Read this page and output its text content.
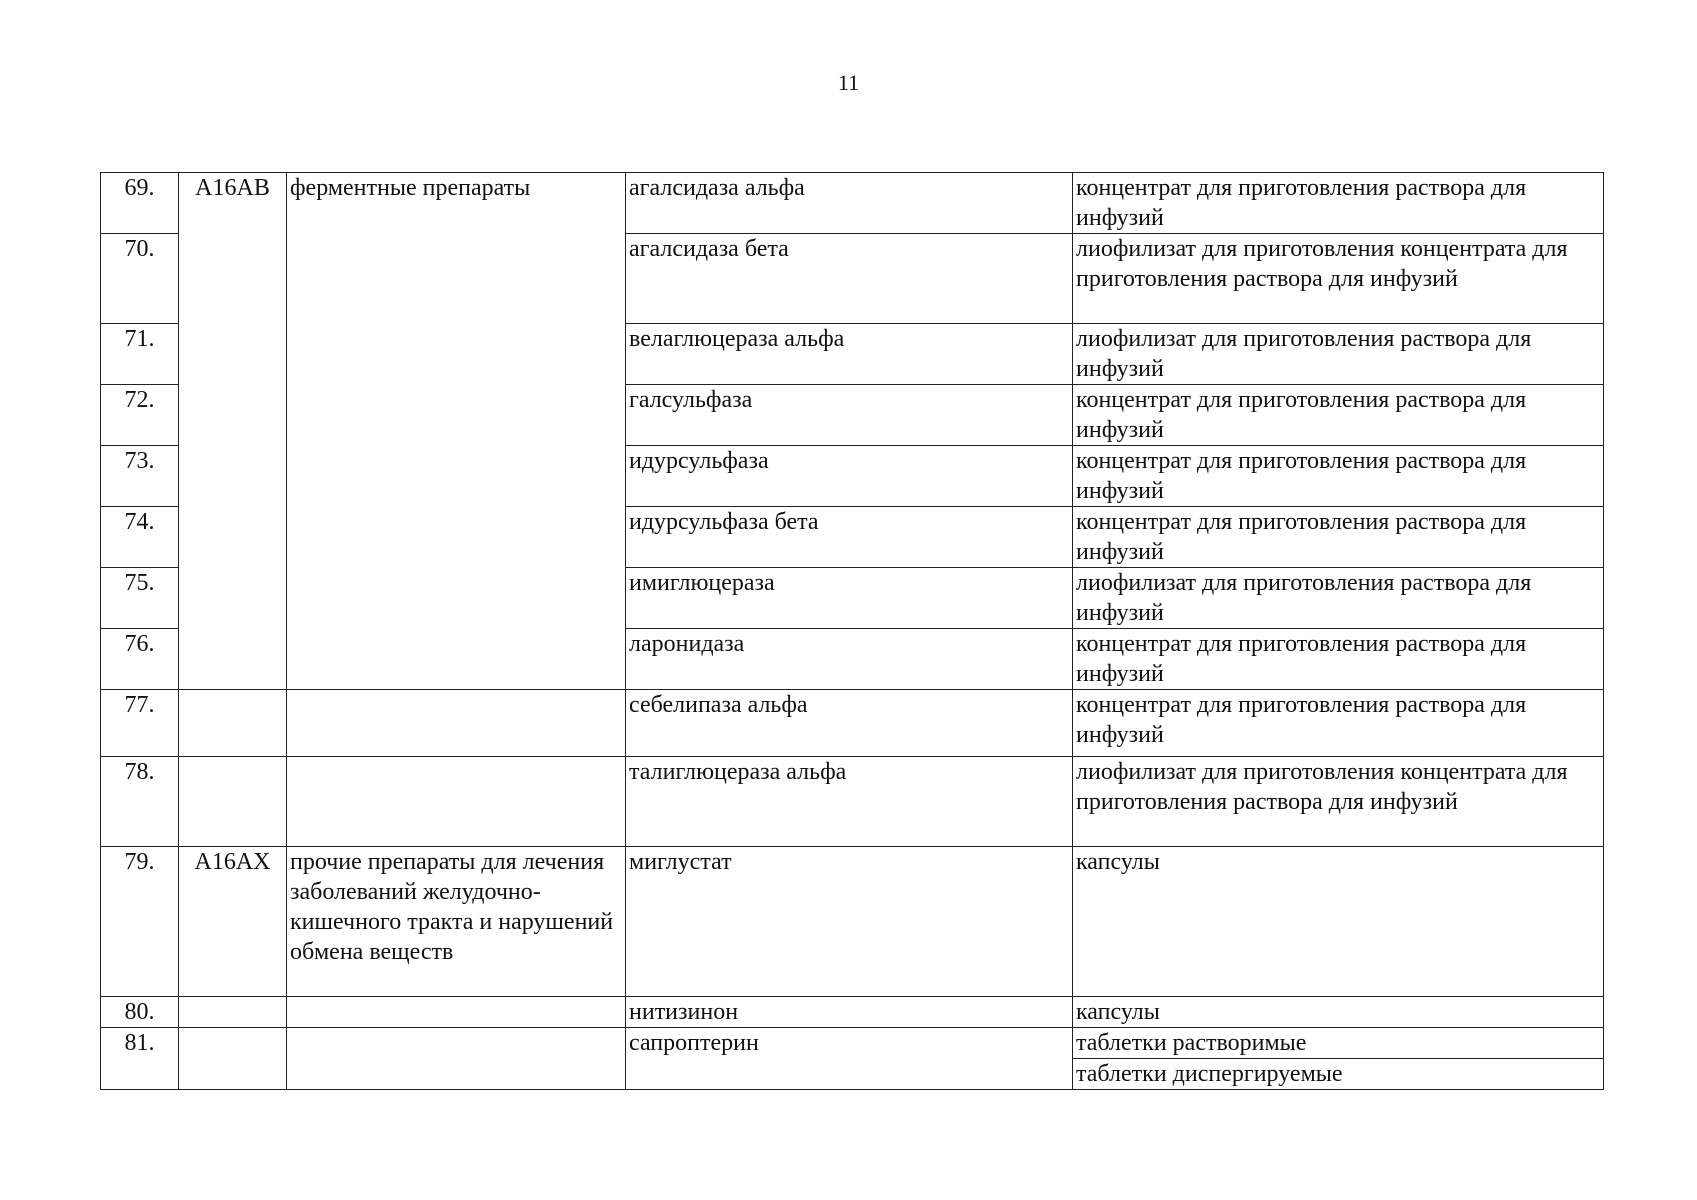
11
69.	A16AB	ферментные препараты	агалсидаза альфа	концентрат для приготовления раствора для инфузий
70.			агалсидаза бета	лиофилизат для приготовления концентрата для приготовления раствора для инфузий
71.			велаглюцераза альфа	лиофилизат для приготовления раствора для инфузий
72.			галсульфаза	концентрат для приготовления раствора для инфузий
73.			идурсульфаза	концентрат для приготовления раствора для инфузий
74.			идурсульфаза бета	концентрат для приготовления раствора для инфузий
75.			имиглюцераза	лиофилизат для приготовления раствора для инфузий
76.			ларонидаза	концентрат для приготовления раствора для инфузий
77.			себелипаза альфа	концентрат для приготовления раствора для инфузий
78.			талиглюцераза альфа	лиофилизат для приготовления концентрата для приготовления раствора для инфузий
79.	A16AX	прочие препараты для лечения заболеваний желудочно-кишечного тракта и нарушений обмена веществ	миглустат	капсулы
80.			нитизинон	капсулы
81.			сапроптерин	таблетки растворимые
таблетки диспергируемые
